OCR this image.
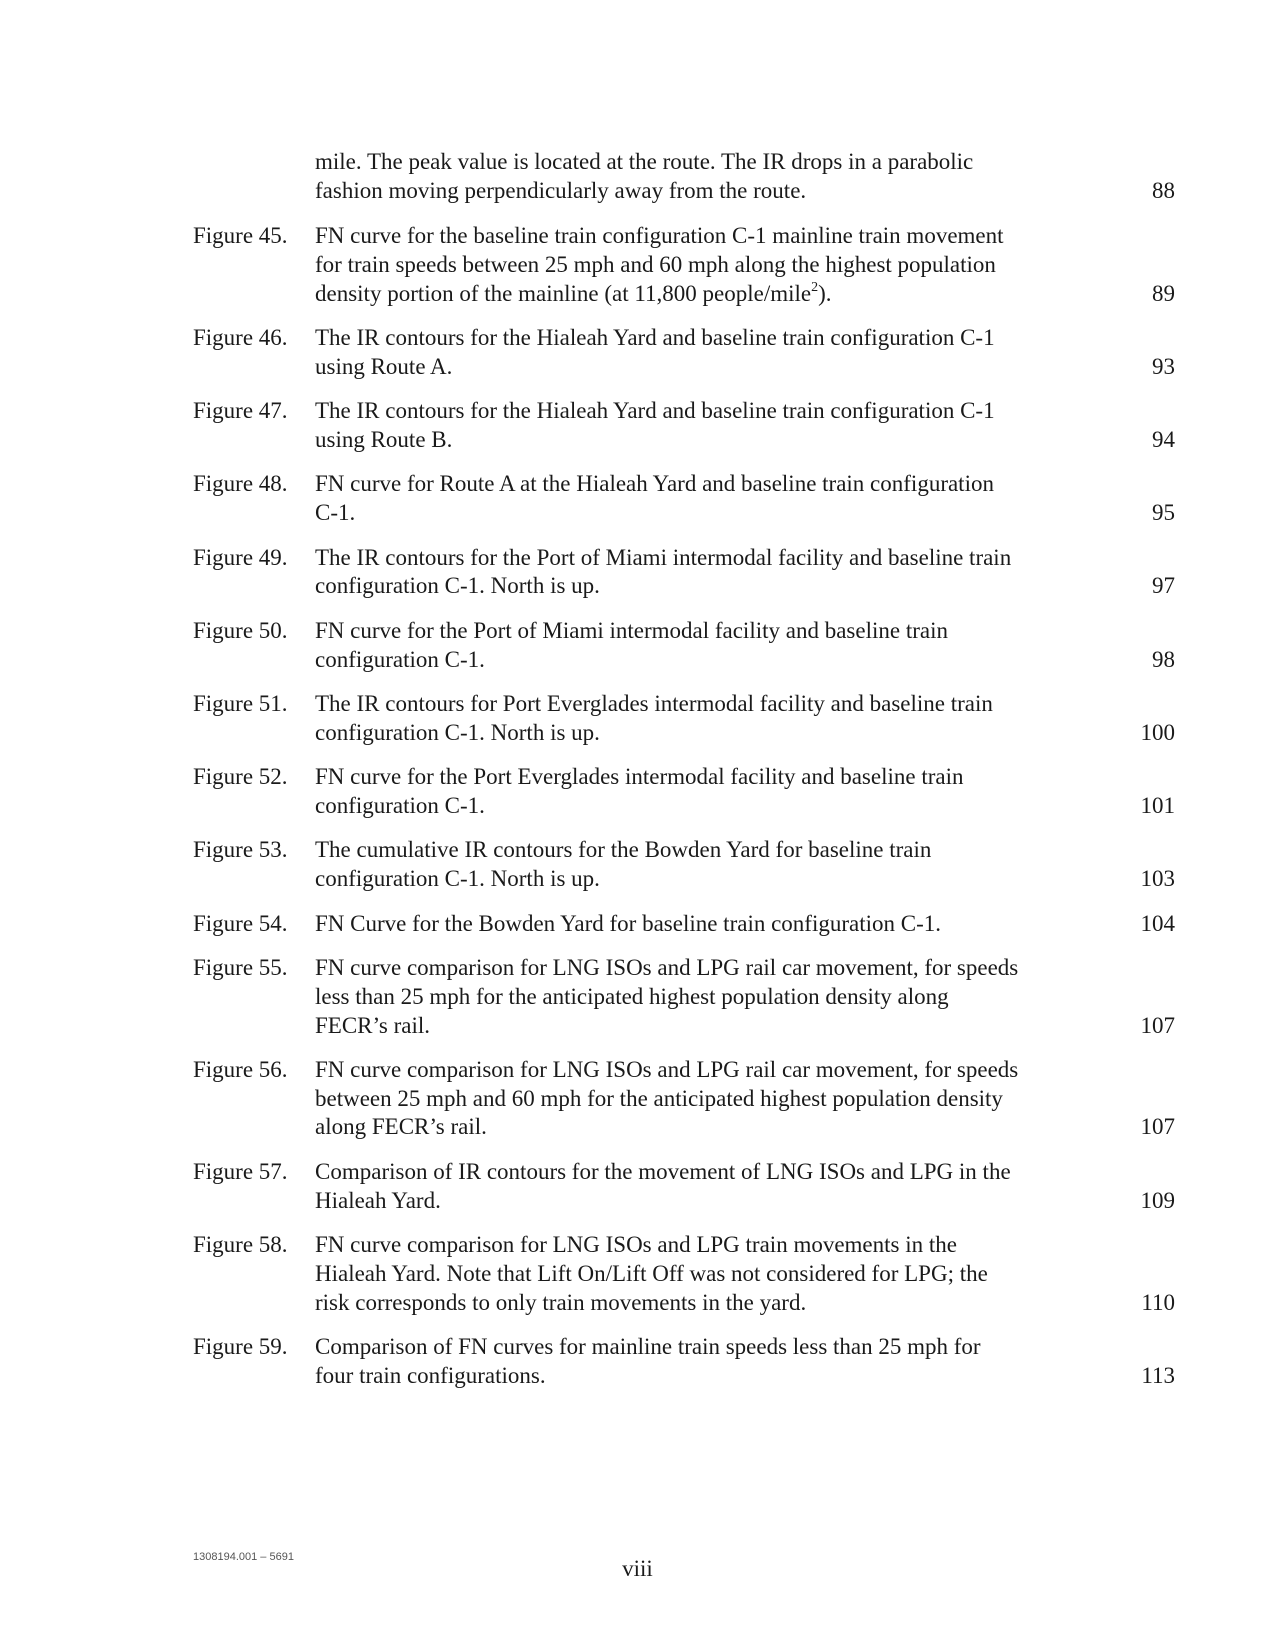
mile. The peak value is located at the route. The IR drops in a parabolic
fashion moving perpendicularly away from the route.	88
Figure 45.	FN curve for the baseline train configuration C-1 mainline train movement
for train speeds between 25 mph and 60 mph along the highest population
density portion of the mainline (at 11,800 people/mile$^2$).	89
Figure 46.	The IR contours for the Hialeah Yard and baseline train configuration C-1
using Route A.	93
Figure 47.	The IR contours for the Hialeah Yard and baseline train configuration C-1
using Route B.	94
Figure 48.	FN curve for Route A at the Hialeah Yard and baseline train configuration
C-1.	95
Figure 49.	The IR contours for the Port of Miami intermodal facility and baseline train
configuration C-1. North is up.	97
Figure 50.	FN curve for the Port of Miami intermodal facility and baseline train
configuration C-1.	98
Figure 51.	The IR contours for Port Everglades intermodal facility and baseline train
configuration C-1. North is up.	100
Figure 52.	FN curve for the Port Everglades intermodal facility and baseline train
configuration C-1.	101
Figure 53.	The cumulative IR contours for the Bowden Yard for baseline train
configuration C-1. North is up.	103
Figure 54.	FN Curve for the Bowden Yard for baseline train configuration C-1.	104
Figure 55.	FN curve comparison for LNG ISOs and LPG rail car movement, for speeds
less than 25 mph for the anticipated highest population density along
FECR’s rail.	107
Figure 56.	FN curve comparison for LNG ISOs and LPG rail car movement, for speeds
between 25 mph and 60 mph for the anticipated highest population density
along FECR’s rail.	107
Figure 57.	Comparison of IR contours for the movement of LNG ISOs and LPG in the
Hialeah Yard.	109
Figure 58.	FN curve comparison for LNG ISOs and LPG train movements in the
Hialeah Yard. Note that Lift On/Lift Off was not considered for LPG; the
risk corresponds to only train movements in the yard.	110
Figure 59.	Comparison of FN curves for mainline train speeds less than 25 mph for
four train configurations.	113
1308194.001 – 5691	viii
